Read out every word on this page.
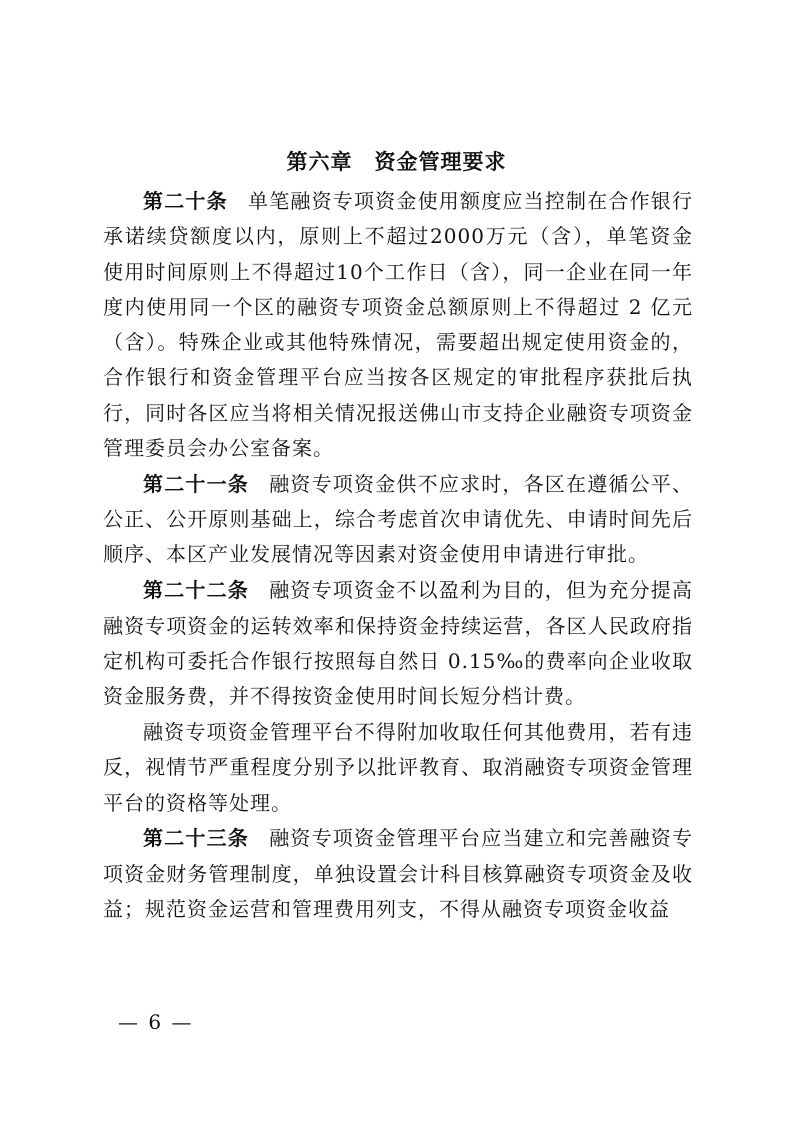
第六章　资金管理要求

第二十条 单笔融资专项资金使用额度应当控制在合作银行承诺续贷额度以内，原则上不超过2000万元（含），单笔资金使用时间原则上不得超过10个工作日（含），同一企业在同一年度内使用同一个区的融资专项资金总额原则上不得超过 2 亿元（含）。特殊企业或其他特殊情况，需要超出规定使用资金的，合作银行和资金管理平台应当按各区规定的审批程序获批后执行，同时各区应当将相关情况报送佛山市支持企业融资专项资金管理委员会办公室备案。

第二十一条 融资专项资金供不应求时，各区在遵循公平、公正、公开原则基础上，综合考虑首次申请优先、申请时间先后顺序、本区产业发展情况等因素对资金使用申请进行审批。

第二十二条 融资专项资金不以盈利为目的，但为充分提高融资专项资金的运转效率和保持资金持续运营，各区人民政府指定机构可委托合作银行按照每自然日 0.15‰的费率向企业收取资金服务费，并不得按资金使用时间长短分档计费。

融资专项资金管理平台不得附加收取任何其他费用，若有违反，视情节严重程度分别予以批评教育、取消融资专项资金管理平台的资格等处理。

第二十三条 融资专项资金管理平台应当建立和完善融资专项资金财务管理制度，单独设置会计科目核算融资专项资金及收益；规范资金运营和管理费用列支，不得从融资专项资金收益

— 6 —
